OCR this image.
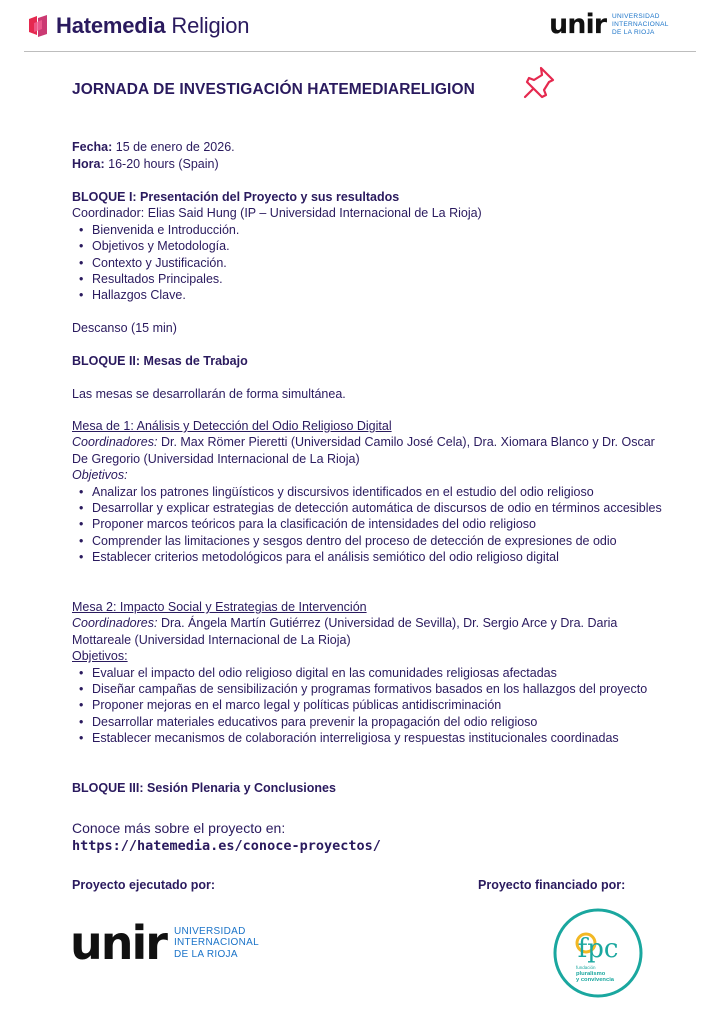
Hatemedia Religion	unir UNIVERSIDAD
INTERNACIONAL
DE LA RIOJA
JORNADA DE INVESTIGACIÓN HATEMEDIARELIGION
Fecha: 15 de enero de 2026.
Hora: 16-20 hours (Spain)
BLOQUE I: Presentación del Proyecto y sus resultados
Coordinador: Elias Said Hung (IP – Universidad Internacional de La Rioja)
• Bienvenida e Introducción.
• Objetivos y Metodología.
• Contexto y Justificación.
• Resultados Principales.
• Hallazgos Clave.
Descanso (15 min)
BLOQUE II: Mesas de Trabajo
Las mesas se desarrollarán de forma simultánea.
Mesa de 1: Análisis y Detección del Odio Religioso Digital
Coordinadores: Dr. Max Römer Pieretti (Universidad Camilo José Cela), Dra. Xiomara Blanco y Dr. Oscar De Gregorio (Universidad Internacional de La Rioja)
Objetivos:
• Analizar los patrones lingüísticos y discursivos identificados en el estudio del odio religioso
• Desarrollar y explicar estrategias de detección automática de discursos de odio en términos accesibles
• Proponer marcos teóricos para la clasificación de intensidades del odio religioso
• Comprender las limitaciones y sesgos dentro del proceso de detección de expresiones de odio
• Establecer criterios metodológicos para el análisis semiótico del odio religioso digital
Mesa 2: Impacto Social y Estrategias de Intervención
Coordinadores: Dra. Ángela Martín Gutiérrez (Universidad de Sevilla), Dr. Sergio Arce y Dra. Daria Mottareale (Universidad Internacional de La Rioja)
Objetivos:
• Evaluar el impacto del odio religioso digital en las comunidades religiosas afectadas
• Diseñar campañas de sensibilización y programas formativos basados en los hallazgos del proyecto
• Proponer mejoras en el marco legal y políticas públicas antidiscriminación
• Desarrollar materiales educativos para prevenir la propagación del odio religioso
• Establecer mecanismos de colaboración interreligiosa y respuestas institucionales coordinadas
BLOQUE III: Sesión Plenaria y Conclusiones
Conoce más sobre el proyecto en:
https://hatemedia.es/conoce-proyectos/
Proyecto ejecutado por:	Proyecto financiado por:
unir UNIVERSIDAD
INTERNACIONAL
DE LA RIOJA	fpc
fundación
pluralismo
y convivencia
